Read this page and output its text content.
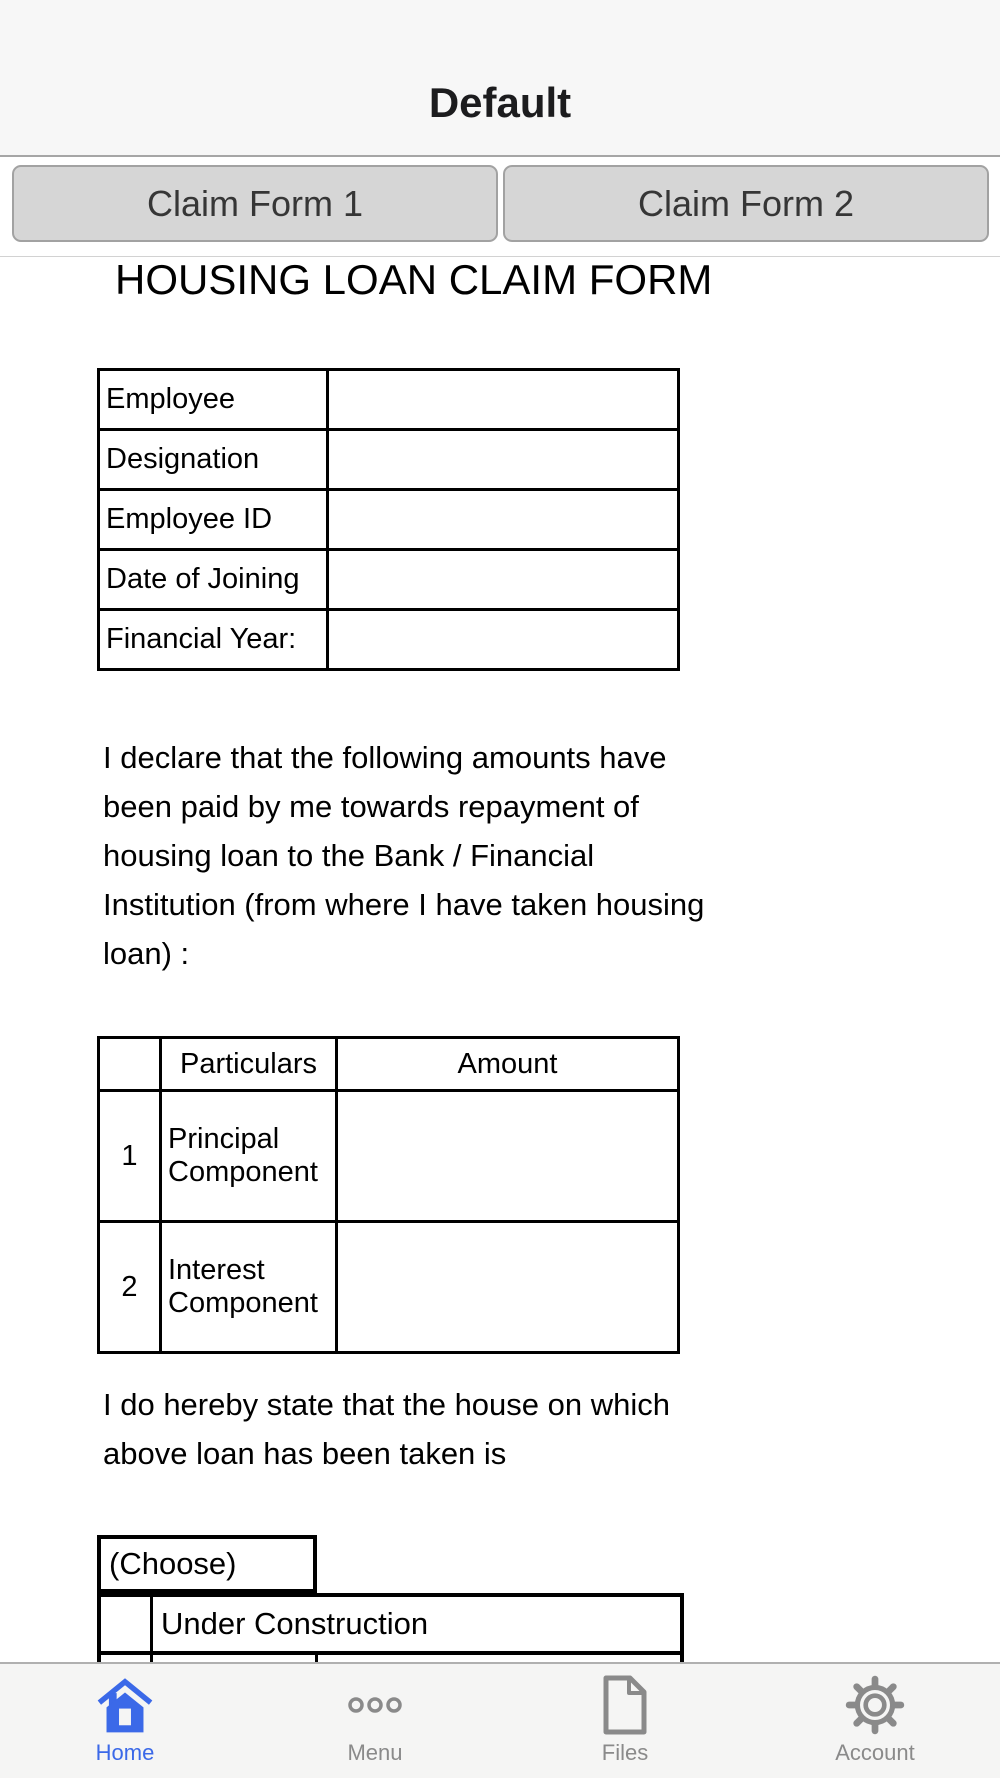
Default
Claim Form 1	Claim Form 2
HOUSING LOAN CLAIM FORM
Employee	
Designation	
Employee ID	
Date of Joining	
Financial Year:	
I declare that the following amounts have
been paid by me towards repayment of
housing loan to the Bank / Financial
Institution (from where I have taken housing
loan) :
	Particulars	Amount
1	Principal Component	
2	Interest Component	
I do hereby state that the house on which
above loan has been taken is
(Choose)
Under Construction
Home	Menu	Files	Account
